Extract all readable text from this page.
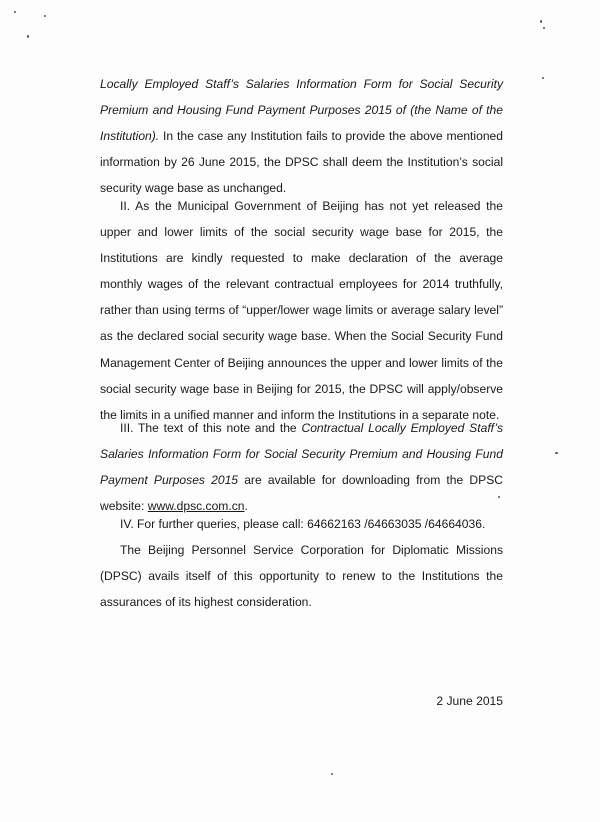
Locally Employed Staff’s Salaries Information Form for Social Security Premium and Housing Fund Payment Purposes 2015 of (the Name of the Institution). In the case any Institution fails to provide the above mentioned information by 26 June 2015, the DPSC shall deem the Institution’s social security wage base as unchanged.

II. As the Municipal Government of Beijing has not yet released the upper and lower limits of the social security wage base for 2015, the Institutions are kindly requested to make declaration of the average monthly wages of the relevant contractual employees for 2014 truthfully, rather than using terms of “upper/lower wage limits or average salary level” as the declared social security wage base. When the Social Security Fund Management Center of Beijing announces the upper and lower limits of the social security wage base in Beijing for 2015, the DPSC will apply/observe the limits in a unified manner and inform the Institutions in a separate note.

III. The text of this note and the Contractual Locally Employed Staff’s Salaries Information Form for Social Security Premium and Housing Fund Payment Purposes 2015 are available for downloading from the DPSC website: www.dpsc.com.cn.

IV. For further queries, please call: 64662163 /64663035 /64664036.

The Beijing Personnel Service Corporation for Diplomatic Missions (DPSC) avails itself of this opportunity to renew to the Institutions the assurances of its highest consideration.

2 June 2015
